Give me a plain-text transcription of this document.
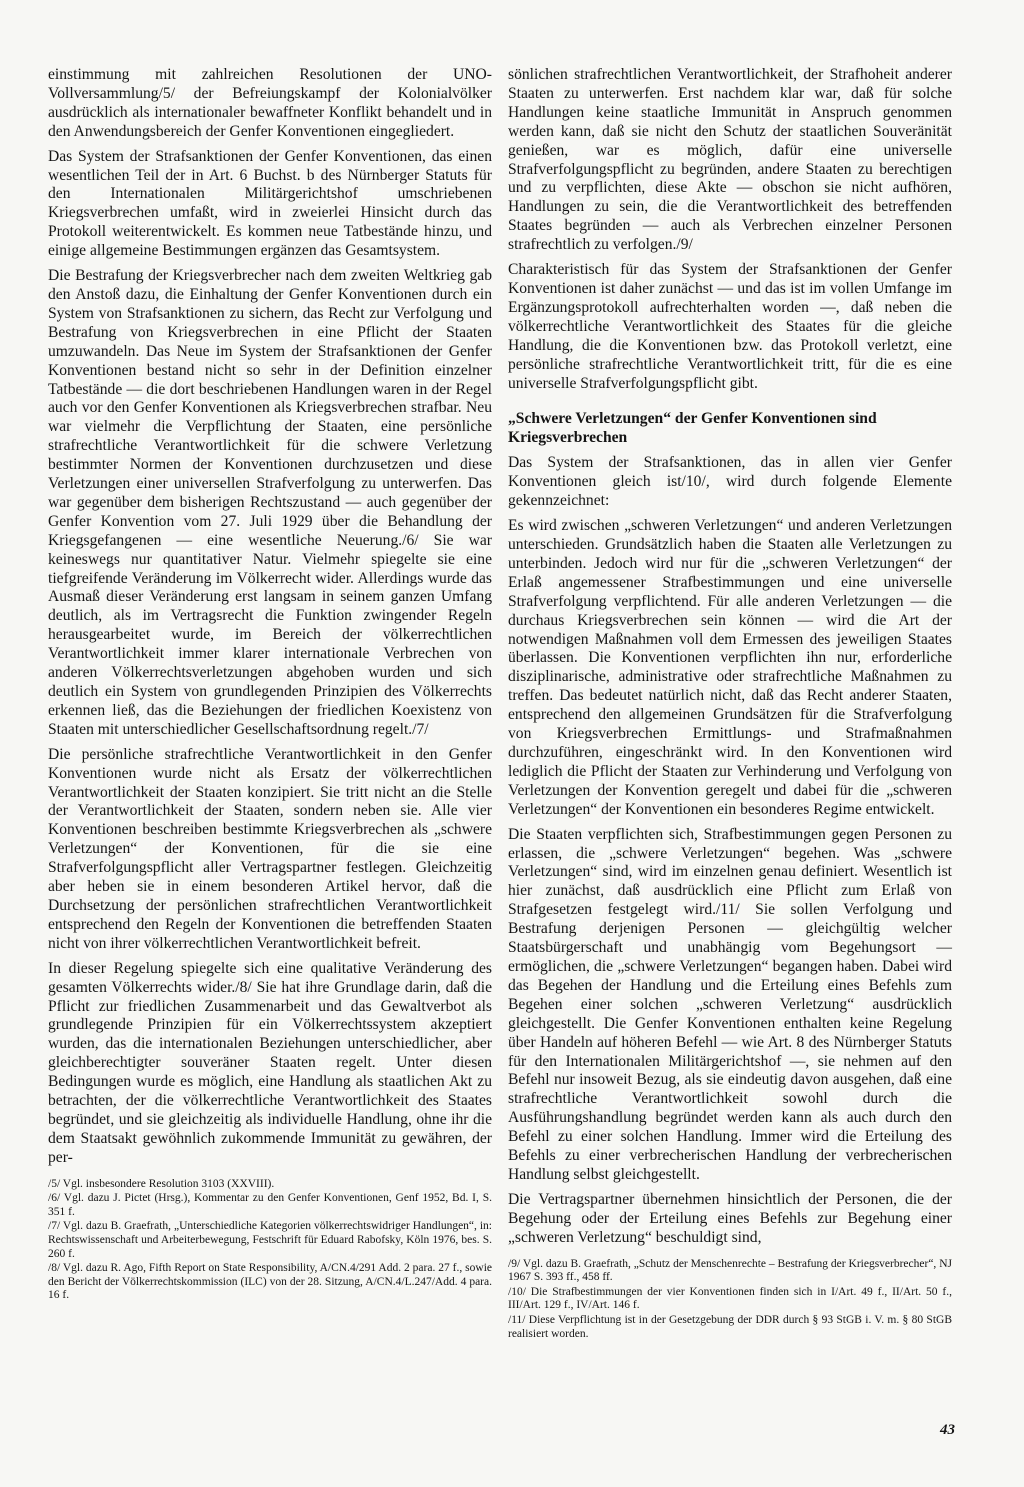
einstimmung mit zahlreichen Resolutionen der UNO-Vollversammlung/5/ der Befreiungskampf der Kolonialvölker ausdrücklich als internationaler bewaffneter Konflikt behandelt und in den Anwendungsbereich der Genfer Konventionen eingegliedert.

Das System der Strafsanktionen der Genfer Konventionen, das einen wesentlichen Teil der in Art. 6 Buchst. b des Nürnberger Statuts für den Internationalen Militärgerichtshof umschriebenen Kriegsverbrechen umfaßt, wird in zweierlei Hinsicht durch das Protokoll weiterentwickelt. Es kommen neue Tatbestände hinzu, und einige allgemeine Bestimmungen ergänzen das Gesamtsystem.

Die Bestrafung der Kriegsverbrecher nach dem zweiten Weltkrieg gab den Anstoß dazu, die Einhaltung der Genfer Konventionen durch ein System von Strafsanktionen zu sichern, das Recht zur Verfolgung und Bestrafung von Kriegsverbrechen in eine Pflicht der Staaten umzuwandeln. Das Neue im System der Strafsanktionen der Genfer Konventionen bestand nicht so sehr in der Definition einzelner Tatbestände — die dort beschriebenen Handlungen waren in der Regel auch vor den Genfer Konventionen als Kriegsverbrechen strafbar. Neu war vielmehr die Verpflichtung der Staaten, eine persönliche strafrechtliche Verantwortlichkeit für die schwere Verletzung bestimmter Normen der Konventionen durchzusetzen und diese Verletzungen einer universellen Strafverfolgung zu unterwerfen. Das war gegenüber dem bisherigen Rechtszustand — auch gegenüber der Genfer Konvention vom 27. Juli 1929 über die Behandlung der Kriegsgefangenen — eine wesentliche Neuerung./6/ Sie war keineswegs nur quantitativer Natur. Vielmehr spiegelte sie eine tiefgreifende Veränderung im Völkerrecht wider. Allerdings wurde das Ausmaß dieser Veränderung erst langsam in seinem ganzen Umfang deutlich, als im Vertragsrecht die Funktion zwingender Regeln herausgearbeitet wurde, im Bereich der völkerrechtlichen Verantwortlichkeit immer klarer internationale Verbrechen von anderen Völkerrechtsverletzungen abgehoben wurden und sich deutlich ein System von grundlegenden Prinzipien des Völkerrechts erkennen ließ, das die Beziehungen der friedlichen Koexistenz von Staaten mit unterschiedlicher Gesellschaftsordnung regelt./7/

Die persönliche strafrechtliche Verantwortlichkeit in den Genfer Konventionen wurde nicht als Ersatz der völkerrechtlichen Verantwortlichkeit der Staaten konzipiert. Sie tritt nicht an die Stelle der Verantwortlichkeit der Staaten, sondern neben sie. Alle vier Konventionen beschreiben bestimmte Kriegsverbrechen als „schwere Verletzungen“ der Konventionen, für die sie eine Strafverfolgungspflicht aller Vertragspartner festlegen. Gleichzeitig aber heben sie in einem besonderen Artikel hervor, daß die Durchsetzung der persönlichen strafrechtlichen Verantwortlichkeit entsprechend den Regeln der Konventionen die betreffenden Staaten nicht von ihrer völkerrechtlichen Verantwortlichkeit befreit.

In dieser Regelung spiegelte sich eine qualitative Veränderung des gesamten Völkerrechts wider./8/ Sie hat ihre Grundlage darin, daß die Pflicht zur friedlichen Zusammenarbeit und das Gewaltverbot als grundlegende Prinzipien für ein Völkerrechtssystem akzeptiert wurden, das die internationalen Beziehungen unterschiedlicher, aber gleichberechtigter souveräner Staaten regelt. Unter diesen Bedingungen wurde es möglich, eine Handlung als staatlichen Akt zu betrachten, der die völkerrechtliche Verantwortlichkeit des Staates begründet, und sie gleichzeitig als individuelle Handlung, ohne ihr die dem Staatsakt gewöhnlich zukommende Immunität zu gewähren, der per-

/5/ Vgl. insbesondere Resolution 3103 (XXVIII).

/6/ Vgl. dazu J. Pictet (Hrsg.), Kommentar zu den Genfer Konventionen, Genf 1952, Bd. I, S. 351 f.

/7/ Vgl. dazu B. Graefrath, „Unterschiedliche Kategorien völkerrechtswidriger Handlungen“, in: Rechtswissenschaft und Arbeiterbewegung, Festschrift für Eduard Rabofsky, Köln 1976, bes. S. 260 f.

/8/ Vgl. dazu R. Ago, Fifth Report on State Responsibility, A/CN.4/291 Add. 2 para. 27 f., sowie den Bericht der Völkerrechtskommission (ILC) von der 28. Sitzung, A/CN.4/L.247/Add. 4 para. 16 f.

sönlichen strafrechtlichen Verantwortlichkeit, der Strafhoheit anderer Staaten zu unterwerfen. Erst nachdem klar war, daß für solche Handlungen keine staatliche Immunität in Anspruch genommen werden kann, daß sie nicht den Schutz der staatlichen Souveränität genießen, war es möglich, dafür eine universelle Strafverfolgungspflicht zu begründen, andere Staaten zu berechtigen und zu verpflichten, diese Akte — obschon sie nicht aufhören, Handlungen zu sein, die die Verantwortlichkeit des betreffenden Staates begründen — auch als Verbrechen einzelner Personen strafrechtlich zu verfolgen./9/

Charakteristisch für das System der Strafsanktionen der Genfer Konventionen ist daher zunächst — und das ist im vollen Umfange im Ergänzungsprotokoll aufrechterhalten worden —, daß neben die völkerrechtliche Verantwortlichkeit des Staates für die gleiche Handlung, die die Konventionen bzw. das Protokoll verletzt, eine persönliche strafrechtliche Verantwortlichkeit tritt, für die es eine universelle Strafverfolgungspflicht gibt.

„Schwere Verletzungen“ der Genfer Konventionen sind Kriegsverbrechen

Das System der Strafsanktionen, das in allen vier Genfer Konventionen gleich ist/10/, wird durch folgende Elemente gekennzeichnet:

Es wird zwischen „schweren Verletzungen“ und anderen Verletzungen unterschieden. Grundsätzlich haben die Staaten alle Verletzungen zu unterbinden. Jedoch wird nur für die „schweren Verletzungen“ der Erlaß angemessener Strafbestimmungen und eine universelle Strafverfolgung verpflichtend. Für alle anderen Verletzungen — die durchaus Kriegsverbrechen sein können — wird die Art der notwendigen Maßnahmen voll dem Ermessen des jeweiligen Staates überlassen. Die Konventionen verpflichten ihn nur, erforderliche disziplinarische, administrative oder strafrechtliche Maßnahmen zu treffen. Das bedeutet natürlich nicht, daß das Recht anderer Staaten, entsprechend den allgemeinen Grundsätzen für die Strafverfolgung von Kriegsverbrechen Ermittlungs- und Strafmaßnahmen durchzuführen, eingeschränkt wird. In den Konventionen wird lediglich die Pflicht der Staaten zur Verhinderung und Verfolgung von Verletzungen der Konvention geregelt und dabei für die „schweren Verletzungen“ der Konventionen ein besonderes Regime entwickelt.

Die Staaten verpflichten sich, Strafbestimmungen gegen Personen zu erlassen, die „schwere Verletzungen“ begehen. Was „schwere Verletzungen“ sind, wird im einzelnen genau definiert. Wesentlich ist hier zunächst, daß ausdrücklich eine Pflicht zum Erlaß von Strafgesetzen festgelegt wird./11/ Sie sollen Verfolgung und Bestrafung derjenigen Personen — gleichgültig welcher Staatsbürgerschaft und unabhängig vom Begehungsort — ermöglichen, die „schwere Verletzungen“ begangen haben. Dabei wird das Begehen der Handlung und die Erteilung eines Befehls zum Begehen einer solchen „schweren Verletzung“ ausdrücklich gleichgestellt. Die Genfer Konventionen enthalten keine Regelung über Handeln auf höheren Befehl — wie Art. 8 des Nürnberger Statuts für den Internationalen Militärgerichtshof —, sie nehmen auf den Befehl nur insoweit Bezug, als sie eindeutig davon ausgehen, daß eine strafrechtliche Verantwortlichkeit sowohl durch die Ausführungshandlung begründet werden kann als auch durch den Befehl zu einer solchen Handlung. Immer wird die Erteilung des Befehls zu einer verbrecherischen Handlung der verbrecherischen Handlung selbst gleichgestellt.

Die Vertragspartner übernehmen hinsichtlich der Personen, die der Begehung oder der Erteilung eines Befehls zur Begehung einer „schweren Verletzung“ beschuldigt sind,

/9/ Vgl. dazu B. Graefrath, „Schutz der Menschenrechte – Bestrafung der Kriegsverbrecher“, NJ 1967 S. 393 ff., 458 ff.

/10/ Die Strafbestimmungen der vier Konventionen finden sich in I/Art. 49 f., II/Art. 50 f., III/Art. 129 f., IV/Art. 146 f.

/11/ Diese Verpflichtung ist in der Gesetzgebung der DDR durch § 93 StGB i. V. m. § 80 StGB realisiert worden.

43
